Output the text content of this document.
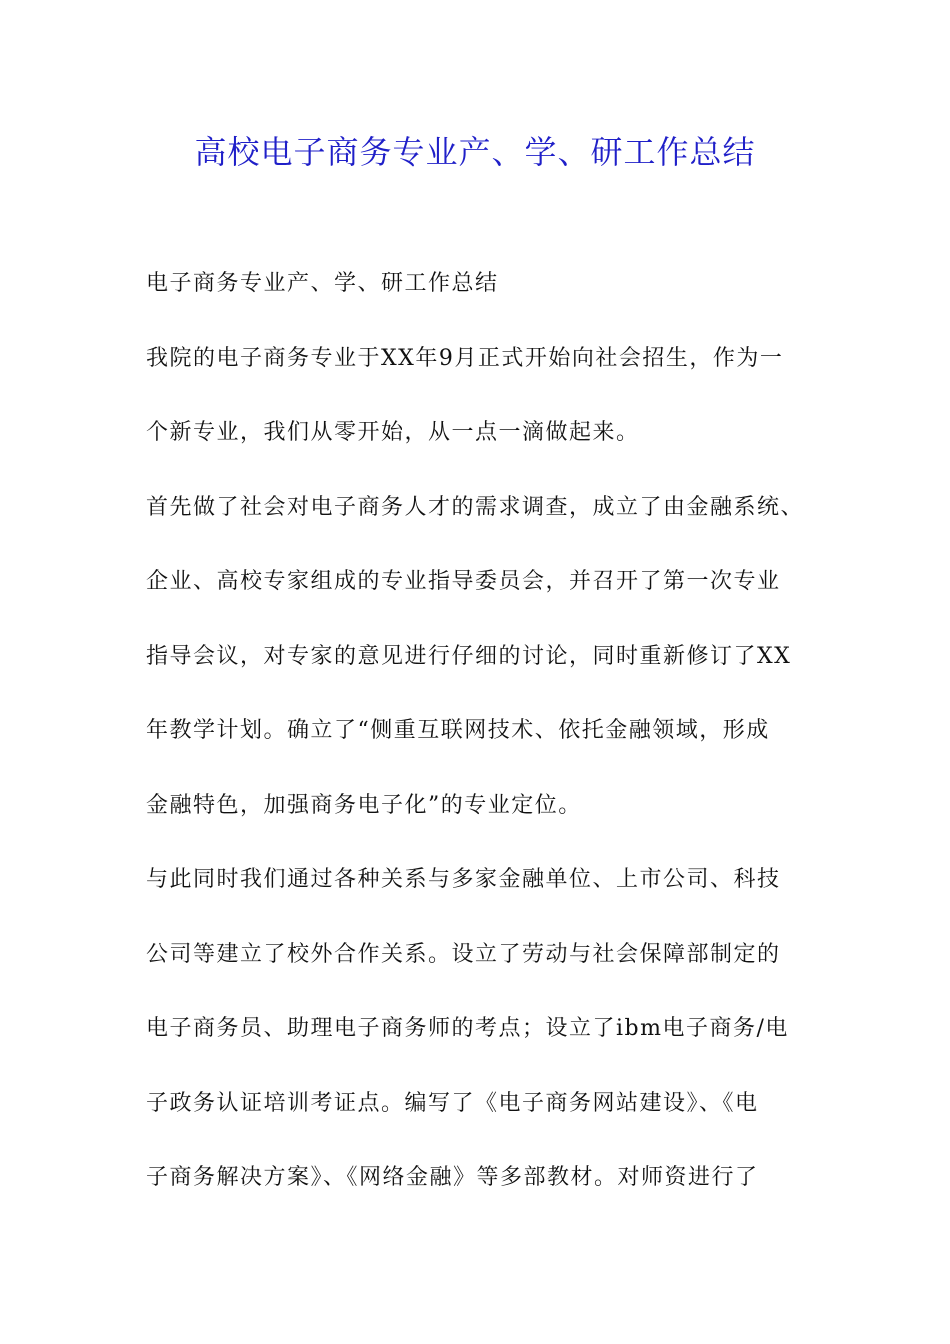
高校电子商务专业产、学、研工作总结
电子商务专业产、学、研工作总结
我院的电子商务专业于XX年9月正式开始向社会招生，作为一
个新专业，我们从零开始，从一点一滴做起来。
首先做了社会对电子商务人才的需求调查，成立了由金融系统、
企业、高校专家组成的专业指导委员会，并召开了第一次专业
指导会议，对专家的意见进行仔细的讨论，同时重新修订了XX
年教学计划。确立了“侧重互联网技术、依托金融领域，形成
金融特色，加强商务电子化”的专业定位。
与此同时我们通过各种关系与多家金融单位、上市公司、科技
公司等建立了校外合作关系。设立了劳动与社会保障部制定的
电子商务员、助理电子商务师的考点；设立了ibm电子商务/电
子政务认证培训考证点。编写了《电子商务网站建设》、《电
子商务解决方案》、《网络金融》等多部教材。对师资进行了
